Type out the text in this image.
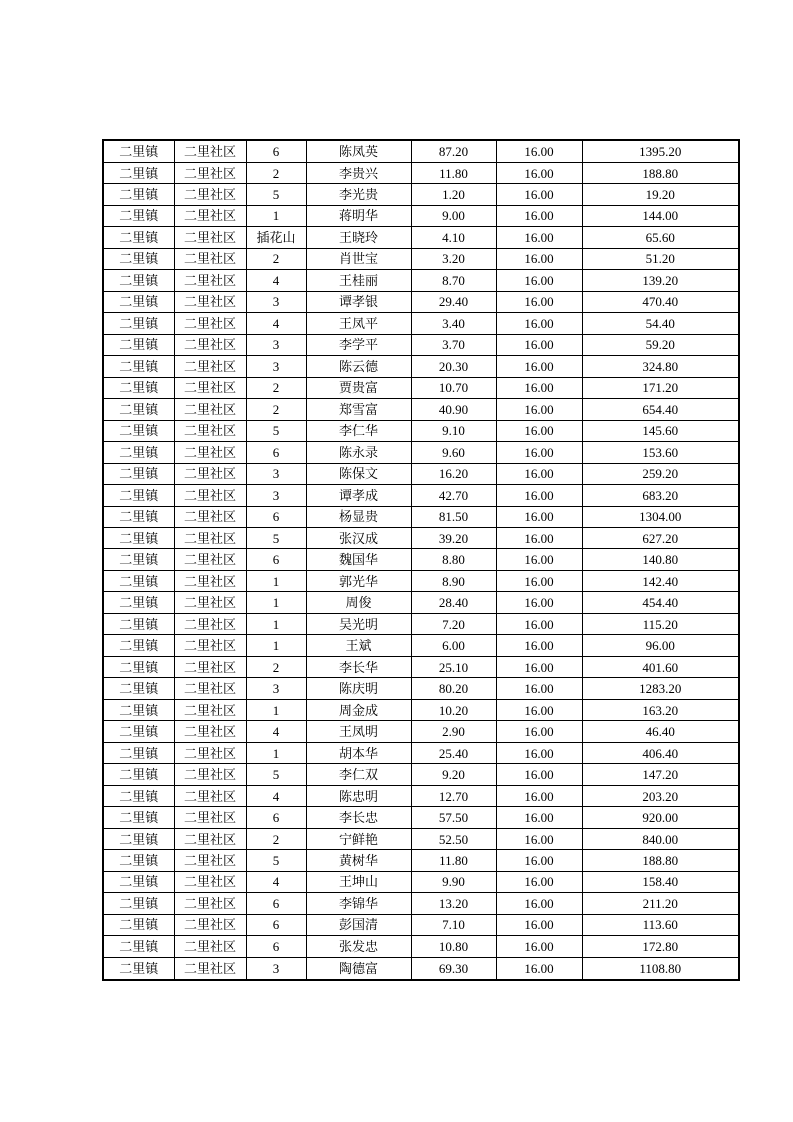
二里镇	二里社区	6	陈凤英	87.20	16.00	1395.20
二里镇	二里社区	2	李贵兴	11.80	16.00	188.80
二里镇	二里社区	5	李光贵	1.20	16.00	19.20
二里镇	二里社区	1	蒋明华	9.00	16.00	144.00
二里镇	二里社区	插花山	王晓玲	4.10	16.00	65.60
二里镇	二里社区	2	肖世宝	3.20	16.00	51.20
二里镇	二里社区	4	王桂丽	8.70	16.00	139.20
二里镇	二里社区	3	谭孝银	29.40	16.00	470.40
二里镇	二里社区	4	王凤平	3.40	16.00	54.40
二里镇	二里社区	3	李学平	3.70	16.00	59.20
二里镇	二里社区	3	陈云德	20.30	16.00	324.80
二里镇	二里社区	2	贾贵富	10.70	16.00	171.20
二里镇	二里社区	2	郑雪富	40.90	16.00	654.40
二里镇	二里社区	5	李仁华	9.10	16.00	145.60
二里镇	二里社区	6	陈永录	9.60	16.00	153.60
二里镇	二里社区	3	陈保文	16.20	16.00	259.20
二里镇	二里社区	3	谭孝成	42.70	16.00	683.20
二里镇	二里社区	6	杨显贵	81.50	16.00	1304.00
二里镇	二里社区	5	张汉成	39.20	16.00	627.20
二里镇	二里社区	6	魏国华	8.80	16.00	140.80
二里镇	二里社区	1	郭光华	8.90	16.00	142.40
二里镇	二里社区	1	周俊	28.40	16.00	454.40
二里镇	二里社区	1	吴光明	7.20	16.00	115.20
二里镇	二里社区	1	王斌	6.00	16.00	96.00
二里镇	二里社区	2	李长华	25.10	16.00	401.60
二里镇	二里社区	3	陈庆明	80.20	16.00	1283.20
二里镇	二里社区	1	周金成	10.20	16.00	163.20
二里镇	二里社区	4	王凤明	2.90	16.00	46.40
二里镇	二里社区	1	胡本华	25.40	16.00	406.40
二里镇	二里社区	5	李仁双	9.20	16.00	147.20
二里镇	二里社区	4	陈忠明	12.70	16.00	203.20
二里镇	二里社区	6	李长忠	57.50	16.00	920.00
二里镇	二里社区	2	宁鲜艳	52.50	16.00	840.00
二里镇	二里社区	5	黄树华	11.80	16.00	188.80
二里镇	二里社区	4	王坤山	9.90	16.00	158.40
二里镇	二里社区	6	李锦华	13.20	16.00	211.20
二里镇	二里社区	6	彭国清	7.10	16.00	113.60
二里镇	二里社区	6	张发忠	10.80	16.00	172.80
二里镇	二里社区	3	陶德富	69.30	16.00	1108.80
